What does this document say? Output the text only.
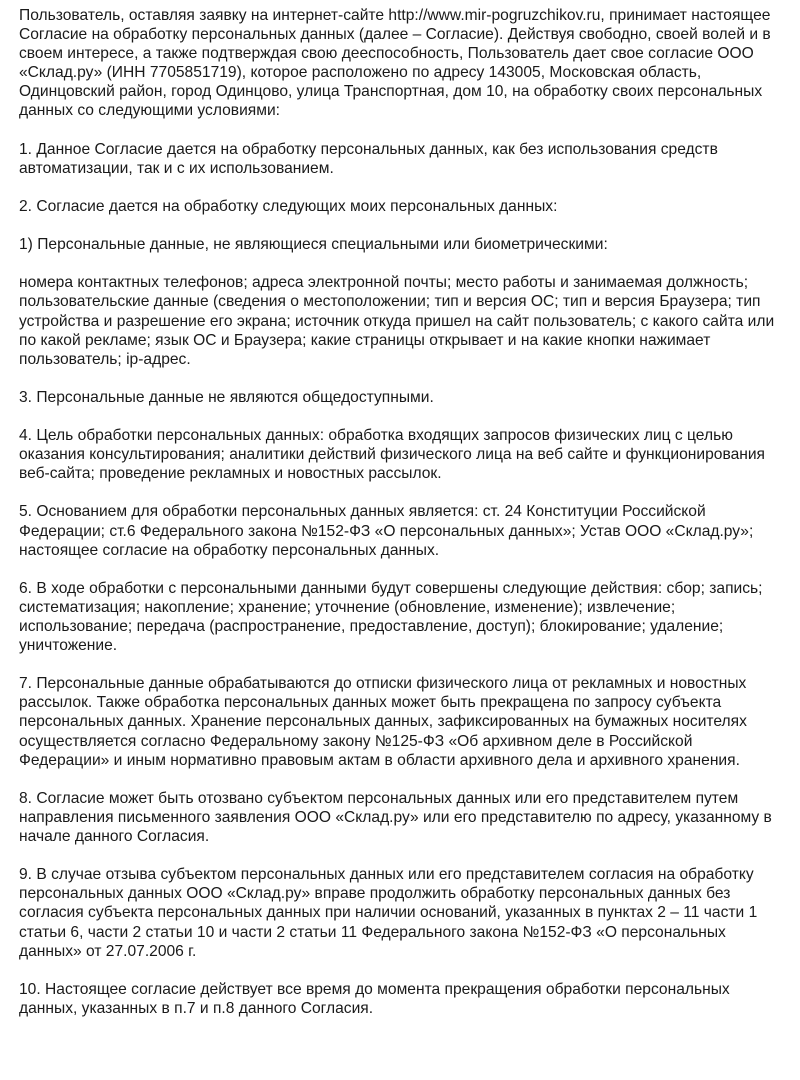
Пользователь, оставляя заявку на интернет-сайте http://www.mir-pogruzchikov.ru, принимает настоящее Согласие на обработку персональных данных (далее – Согласие). Действуя свободно, своей волей и в своем интересе, а также подтверждая свою дееспособность, Пользователь дает свое согласие ООО «Склад.ру» (ИНН 7705851719), которое расположено по адресу 143005, Московская область, Одинцовский район, город Одинцово, улица Транспортная, дом 10, на обработку своих персональных данных со следующими условиями:

1. Данное Согласие дается на обработку персональных данных, как без использования средств автоматизации, так и с их использованием.

2. Согласие дается на обработку следующих моих персональных данных:

1) Персональные данные, не являющиеся специальными или биометрическими:

номера контактных телефонов; адреса электронной почты; место работы и занимаемая должность; пользовательские данные (сведения о местоположении; тип и версия ОС; тип и версия Браузера; тип устройства и разрешение его экрана; источник откуда пришел на сайт пользователь; с какого сайта или по какой рекламе; язык ОС и Браузера; какие страницы открывает и на какие кнопки нажимает пользователь; ip-адрес.

3. Персональные данные не являются общедоступными.

4. Цель обработки персональных данных: обработка входящих запросов физических лиц с целью оказания консультирования; аналитики действий физического лица на веб сайте и функционирования веб-сайта; проведение рекламных и новостных рассылок.

5. Основанием для обработки персональных данных является: ст. 24 Конституции Российской Федерации; ст.6 Федерального закона №152-ФЗ «О персональных данных»; Устав ООО «Склад.ру»; настоящее согласие на обработку персональных данных.

6. В ходе обработки с персональными данными будут совершены следующие действия: сбор; запись; систематизация; накопление; хранение; уточнение (обновление, изменение); извлечение; использование; передача (распространение, предоставление, доступ); блокирование; удаление; уничтожение.

7. Персональные данные обрабатываются до отписки физического лица от рекламных и новостных рассылок. Также обработка персональных данных может быть прекращена по запросу субъекта персональных данных. Хранение персональных данных, зафиксированных на бумажных носителях осуществляется согласно Федеральному закону №125-ФЗ «Об архивном деле в Российской Федерации» и иным нормативно правовым актам в области архивного дела и архивного хранения.

8. Согласие может быть отозвано субъектом персональных данных или его представителем путем направления письменного заявления ООО «Склад.ру» или его представителю по адресу, указанному в начале данного Согласия.

9. В случае отзыва субъектом персональных данных или его представителем согласия на обработку персональных данных ООО «Склад.ру» вправе продолжить обработку персональных данных без согласия субъекта персональных данных при наличии оснований, указанных в пунктах 2 – 11 части 1 статьи 6, части 2 статьи 10 и части 2 статьи 11 Федерального закона №152-ФЗ «О персональных данных» от 27.07.2006 г.

10. Настоящее согласие действует все время до момента прекращения обработки персональных данных, указанных в п.7 и п.8 данного Согласия.
